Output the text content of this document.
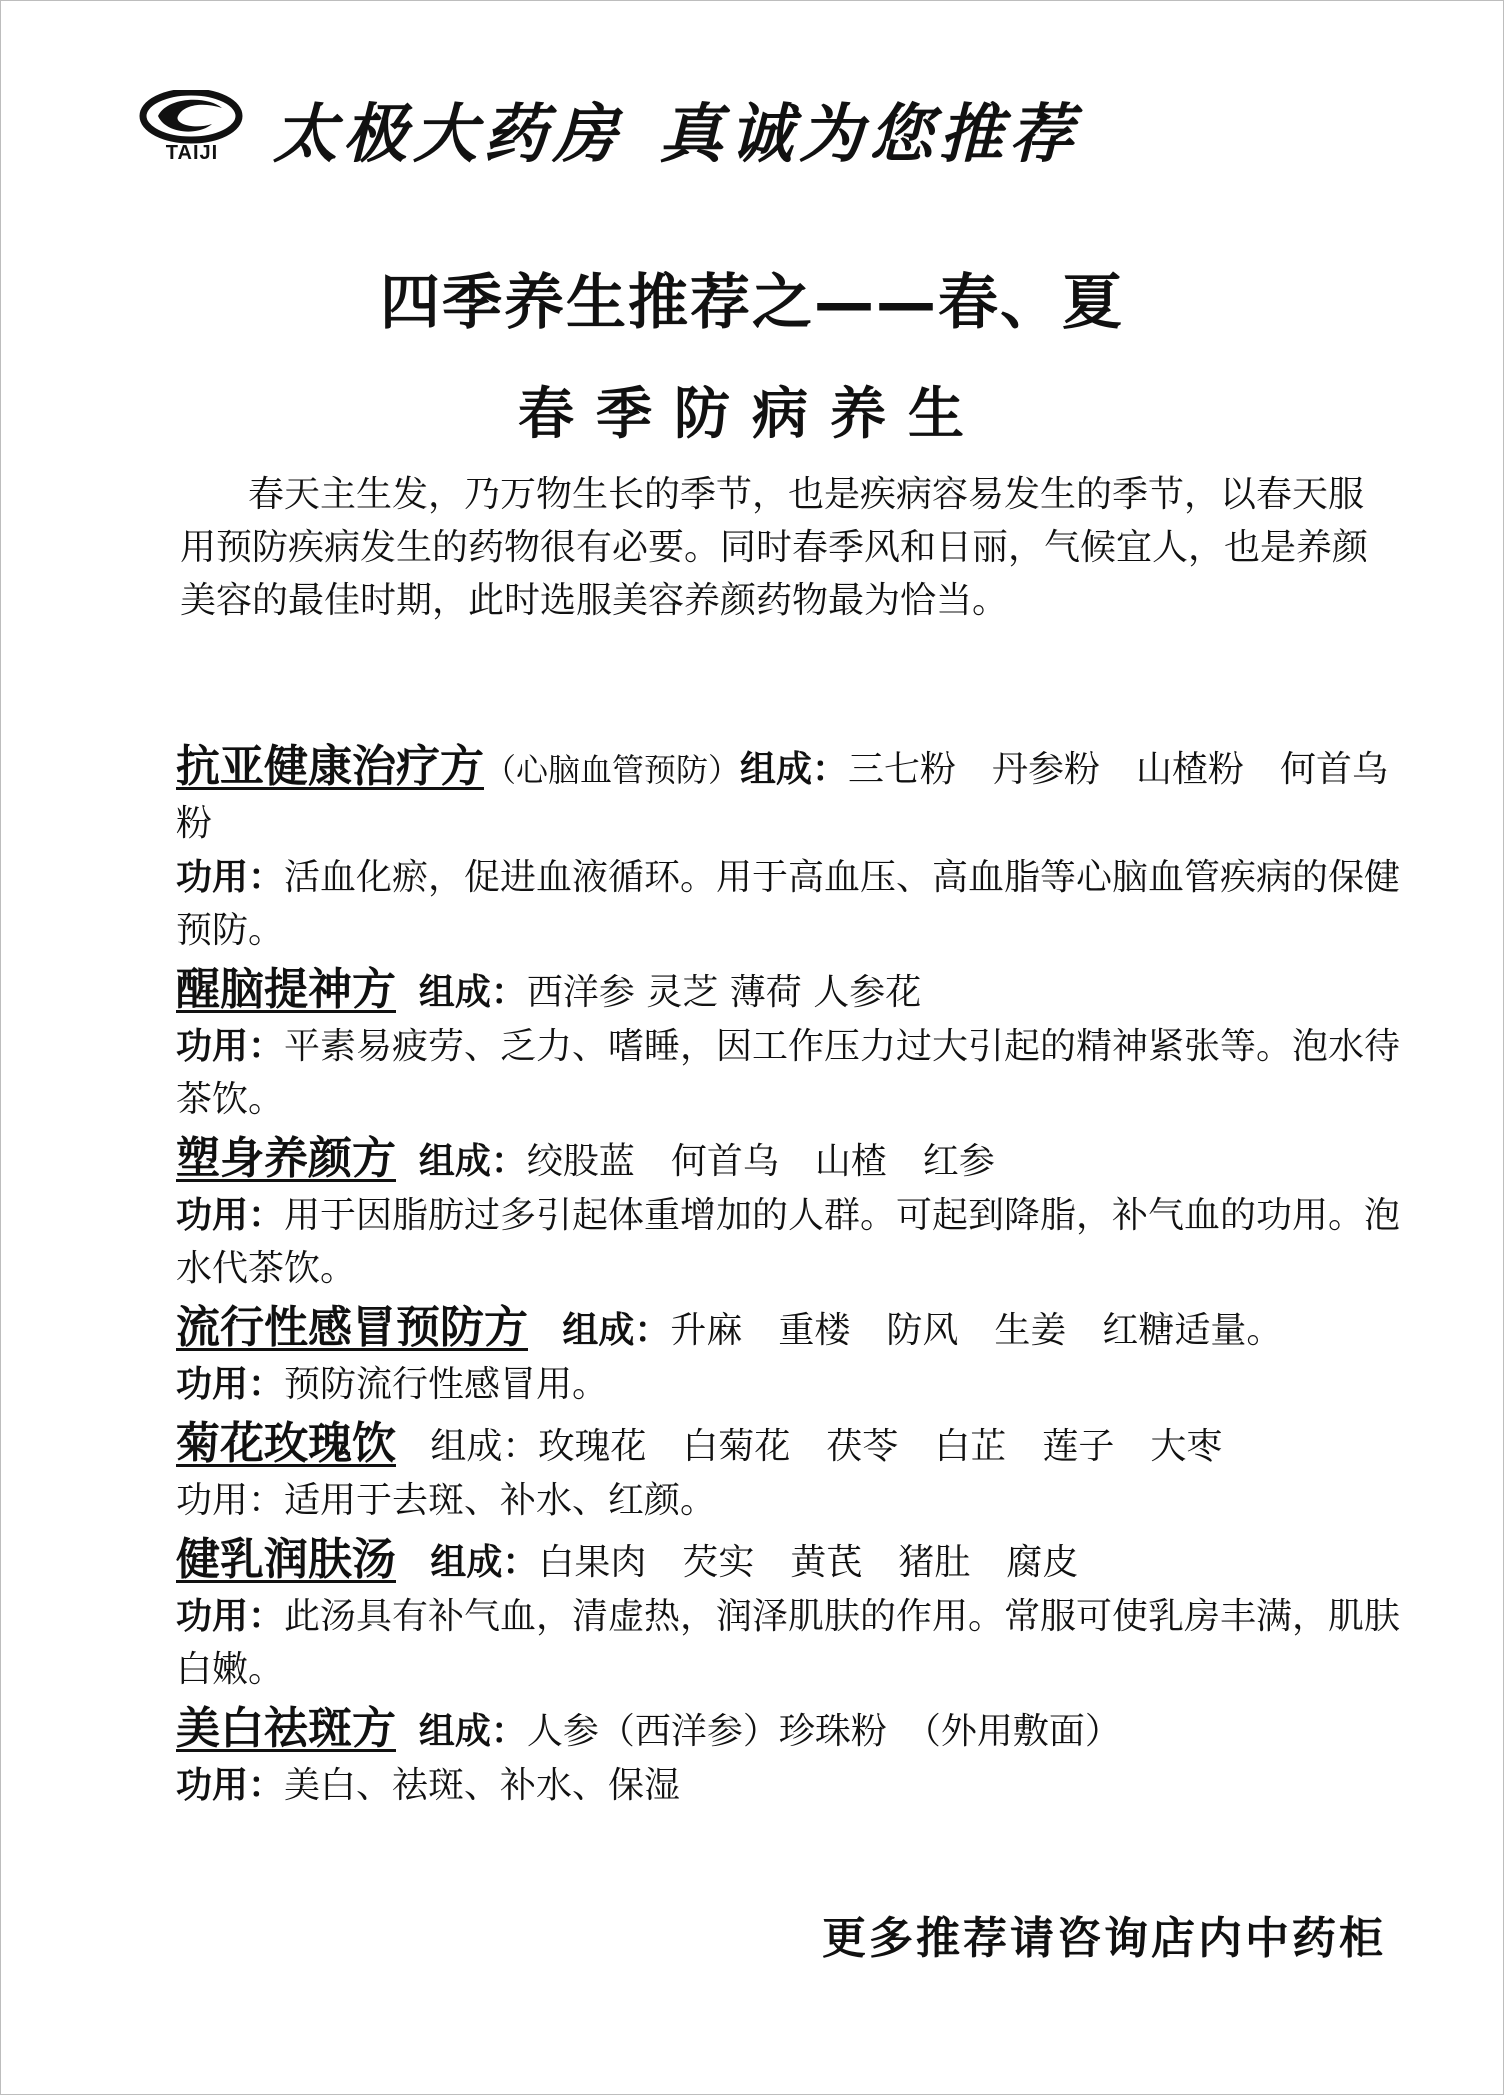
TAIJI 太极大药房 真诚为您推荐
四季养生推荐之——春、夏
春季防病养生
春天主生发，乃万物生长的季节，也是疾病容易发生的季节，以春天服用预防疾病发生的药物很有必要。同时春季风和日丽，气候宜人，也是养颜美容的最佳时期，此时选服美容养颜药物最为恰当。
抗亚健康治疗方（心脑血管预防）组成：三七粉　丹参粉　山楂粉　何首乌粉
功用：活血化瘀，促进血液循环。用于高血压、高血脂等心脑血管疾病的保健预防。
醒脑提神方 组成：西洋参 灵芝 薄荷 人参花
功用：平素易疲劳、乏力、嗜睡，因工作压力过大引起的精神紧张等。泡水待茶饮。
塑身养颜方 组成：绞股蓝　何首乌　山楂　红参
功用：用于因脂肪过多引起体重增加的人群。可起到降脂，补气血的功用。泡水代茶饮。
流行性感冒预防方 组成：升麻　重楼　防风　生姜　红糖适量。
功用：预防流行性感冒用。
菊花玫瑰饮 组成：玫瑰花　白菊花　茯苓　白芷　莲子　大枣
功用：适用于去斑、补水、红颜。
健乳润肤汤 组成：白果肉　芡实　黄芪　猪肚　腐皮
功用：此汤具有补气血，清虚热，润泽肌肤的作用。常服可使乳房丰满，肌肤白嫩。
美白祛斑方 组成：人参（西洋参）珍珠粉　（外用敷面）
功用：美白、祛斑、补水、保湿
更多推荐请咨询店内中药柜
